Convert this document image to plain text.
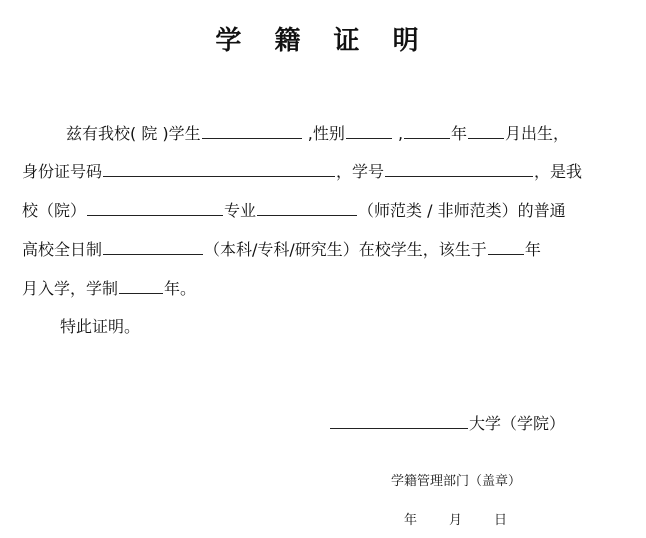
学 籍 证 明
兹有我校( 院 )学生	,性别	,	年 月出生，
身份证号码	，学号	，是我
校（院）	专业	（师范类 / 非师范类）的普通
高校全日制	（本科/专科/研究生）在校学生，该生于 年
月入学，学制	年。
特此证明。
大学（学院）
学籍管理部门（盖章）
年 月 日
